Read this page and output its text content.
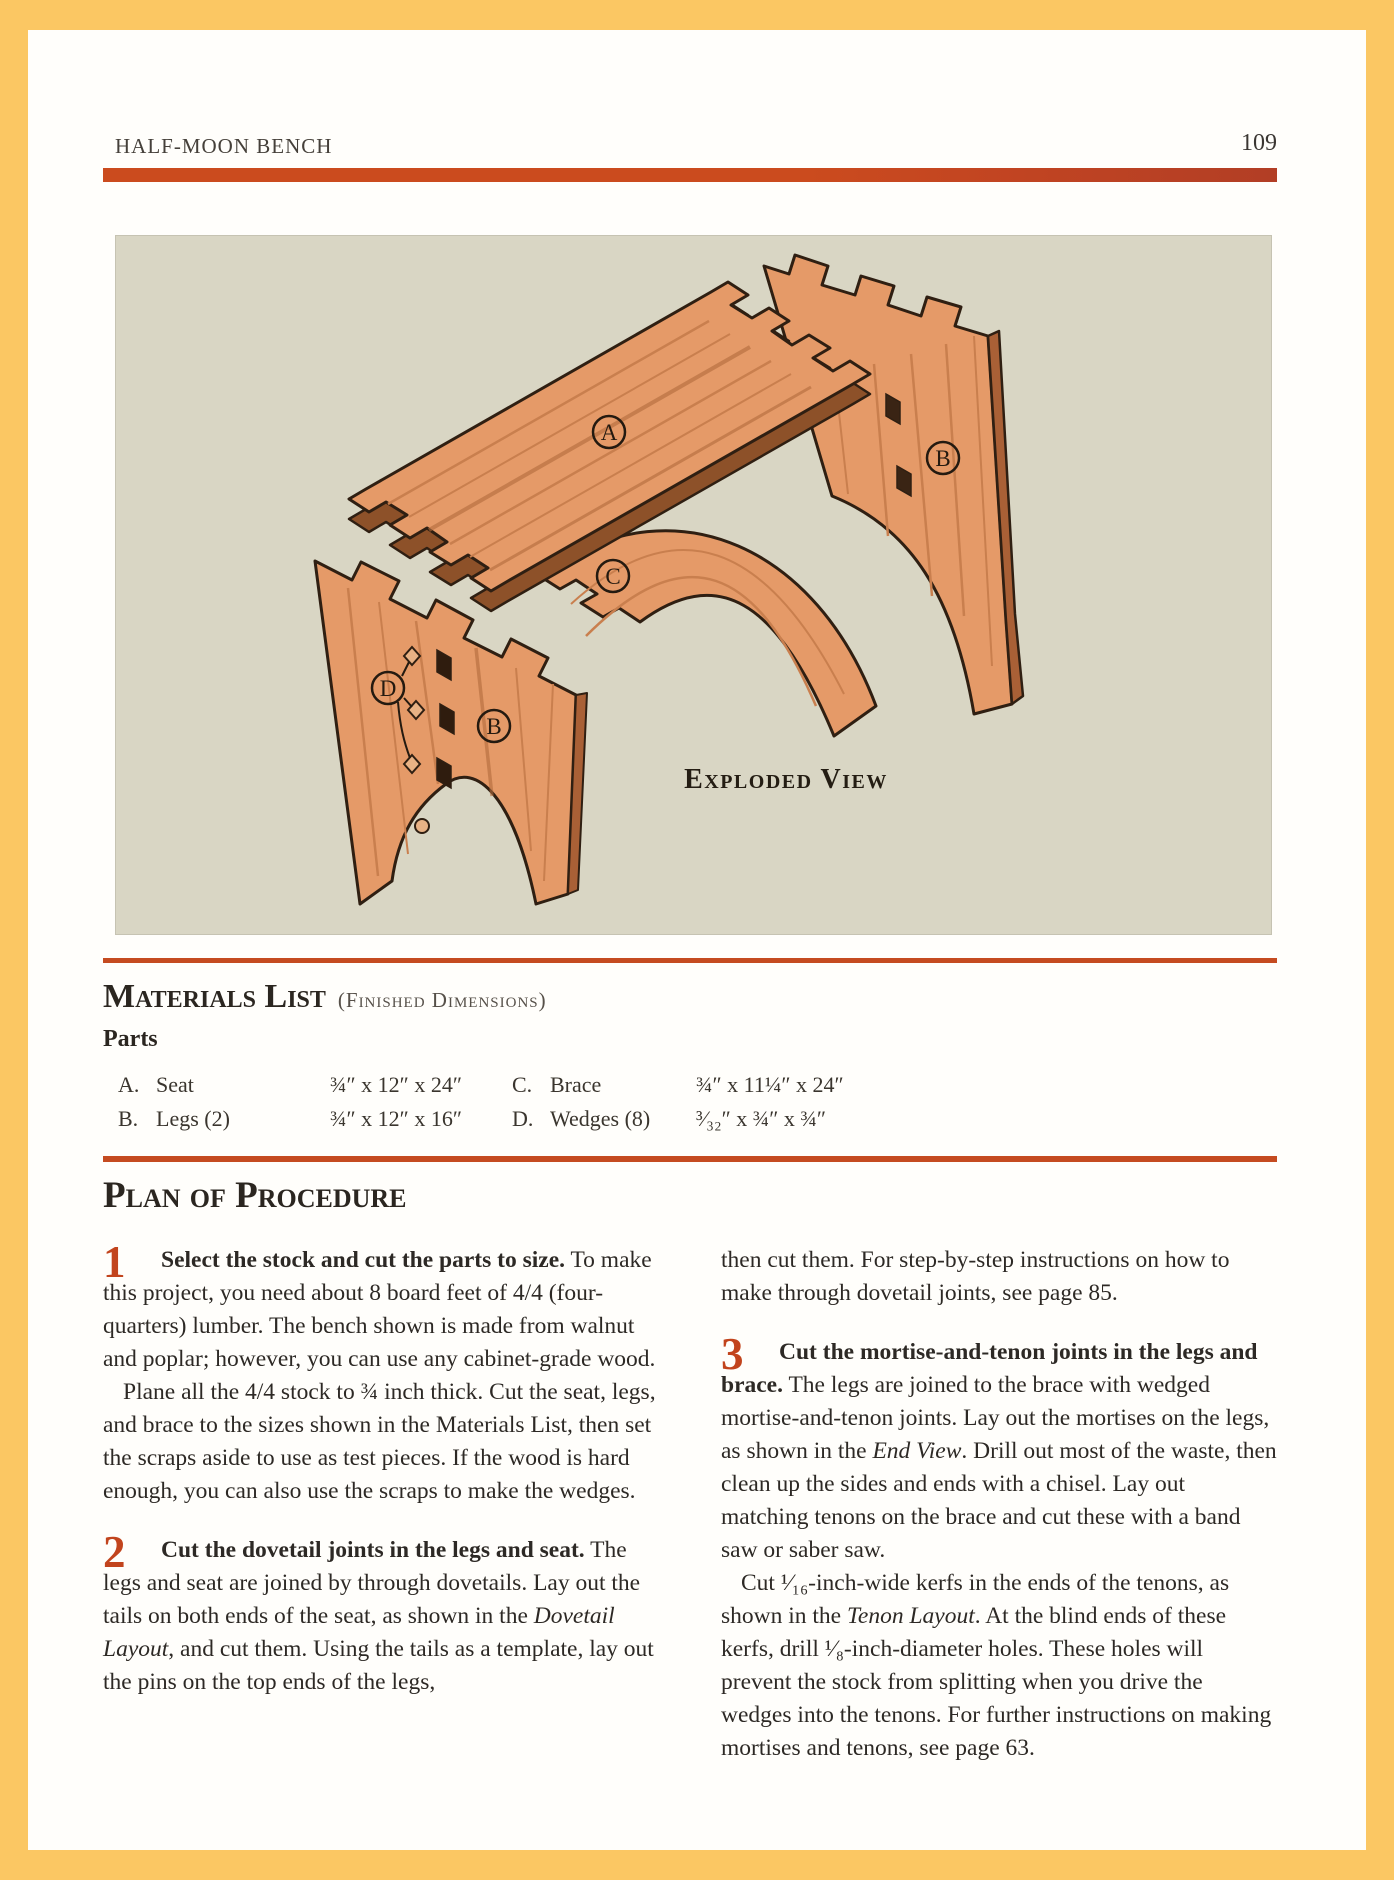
HALF-MOON BENCH	109
A
B
C
D
B
Exploded View
Materials List (Finished Dimensions)
Parts
A. Seat	¾″ x 12″ x 24″	C. Brace	¾″ x 11¼″ x 24″
B. Legs (2)	¾″ x 12″ x 16″	D. Wedges (8)	³⁄₃₂″ x ¾″ x ¾″
Plan of Procedure
1	Select the stock and cut the parts to size. To make this project, you need about 8 board feet of 4/4 (four-quarters) lumber. The bench shown is made from walnut and poplar; however, you can use any cabinet-grade wood.

Plane all the 4/4 stock to ¾ inch thick. Cut the seat, legs, and brace to the sizes shown in the Materials List, then set the scraps aside to use as test pieces. If the wood is hard enough, you can also use the scraps to make the wedges.

2	Cut the dovetail joints in the legs and seat. The legs and seat are joined by through dovetails. Lay out the tails on both ends of the seat, as shown in the Dovetail Layout, and cut them. Using the tails as a template, lay out the pins on the top ends of the legs,

then cut them. For step-by-step instructions on how to make through dovetail joints, see page 85.

3	Cut the mortise-and-tenon joints in the legs and brace. The legs are joined to the brace with wedged mortise-and-tenon joints. Lay out the mortises on the legs, as shown in the End View. Drill out most of the waste, then clean up the sides and ends with a chisel. Lay out matching tenons on the brace and cut these with a band saw or saber saw.

Cut ¹⁄₁₆-inch-wide kerfs in the ends of the tenons, as shown in the Tenon Layout. At the blind ends of these kerfs, drill ¹⁄₈-inch-diameter holes. These holes will prevent the stock from splitting when you drive the wedges into the tenons. For further instructions on making mortises and tenons, see page 63.
